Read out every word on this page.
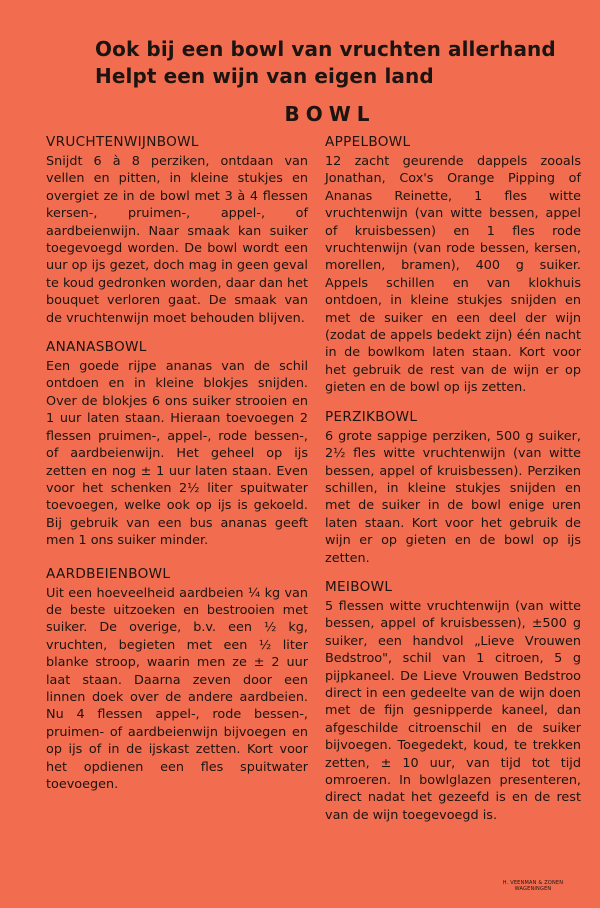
Ook bij een bowl van vruchten allerhand
Helpt een wijn van eigen land
BOWL
VRUCHTENWIJNBOWL

Snijdt 6 à 8 perziken, ontdaan van vellen en pitten, in kleine stukjes en overgiet ze in de bowl met 3 à 4 flessen kersen-, pruimen-, appel-, of aardbeienwijn. Naar smaak kan suiker toegevoegd worden. De bowl wordt een uur op ijs gezet, doch mag in geen geval te koud gedronken worden, daar dan het bouquet verloren gaat. De smaak van de vruchtenwijn moet behouden blijven.

ANANASBOWL

Een goede rijpe ananas van de schil ontdoen en in kleine blokjes snijden. Over de blokjes 6 ons suiker strooien en 1 uur laten staan. Hieraan toevoegen 2 flessen pruimen-, appel-, rode bessen-, of aardbeienwijn. Het geheel op ijs zetten en nog ± 1 uur laten staan. Even voor het schenken 2½ liter spuitwater toevoegen, welke ook op ijs is gekoeld. Bij gebruik van een bus ananas geeft men 1 ons suiker minder.

AARDBEIENBOWL

Uit een hoeveelheid aardbeien ¼ kg van de beste uitzoeken en bestrooien met suiker. De overige, b.v. een ½ kg, vruchten, begieten met een ½ liter blanke stroop, waarin men ze ± 2 uur laat staan. Daarna zeven door een linnen doek over de andere aardbeien. Nu 4 flessen appel-, rode bessen-, pruimen- of aardbeienwijn bijvoegen en op ijs of in de ijskast zetten. Kort voor het opdienen een fles spuitwater toevoegen.

APPELBOWL

12 zacht geurende dappels zooals Jonathan, Cox's Orange Pipping of Ananas Reinette, 1 fles witte vruchtenwijn (van witte bessen, appel of kruisbessen) en 1 fles rode vruchtenwijn (van rode bessen, kersen, morellen, bramen), 400 g suiker. Appels schillen en van klokhuis ontdoen, in kleine stukjes snijden en met de suiker en een deel der wijn (zodat de appels bedekt zijn) één nacht in de bowlkom laten staan. Kort voor het gebruik de rest van de wijn er op gieten en de bowl op ijs zetten.

PERZIKBOWL

6 grote sappige perziken, 500 g suiker, 2½ fles witte vruchtenwijn (van witte bessen, appel of kruisbessen). Perziken schillen, in kleine stukjes snijden en met de suiker in de bowl enige uren laten staan. Kort voor het gebruik de wijn er op gieten en de bowl op ijs zetten.

MEIBOWL

5 flessen witte vruchtenwijn (van witte bessen, appel of kruisbessen), ±500 g suiker, een handvol „Lieve Vrouwen Bedstroo", schil van 1 citroen, 5 g pijpkaneel. De Lieve Vrouwen Bedstroo direct in een gedeelte van de wijn doen met de fijn gesnipperde kaneel, dan afgeschilde citroenschil en de suiker bijvoegen. Toegedekt, koud, te trekken zetten, ± 10 uur, van tijd tot tijd omroeren. In bowlglazen presenteren, direct nadat het gezeefd is en de rest van de wijn toegevoegd is.

H. VEENMAN & ZONEN
WAGENINGEN
